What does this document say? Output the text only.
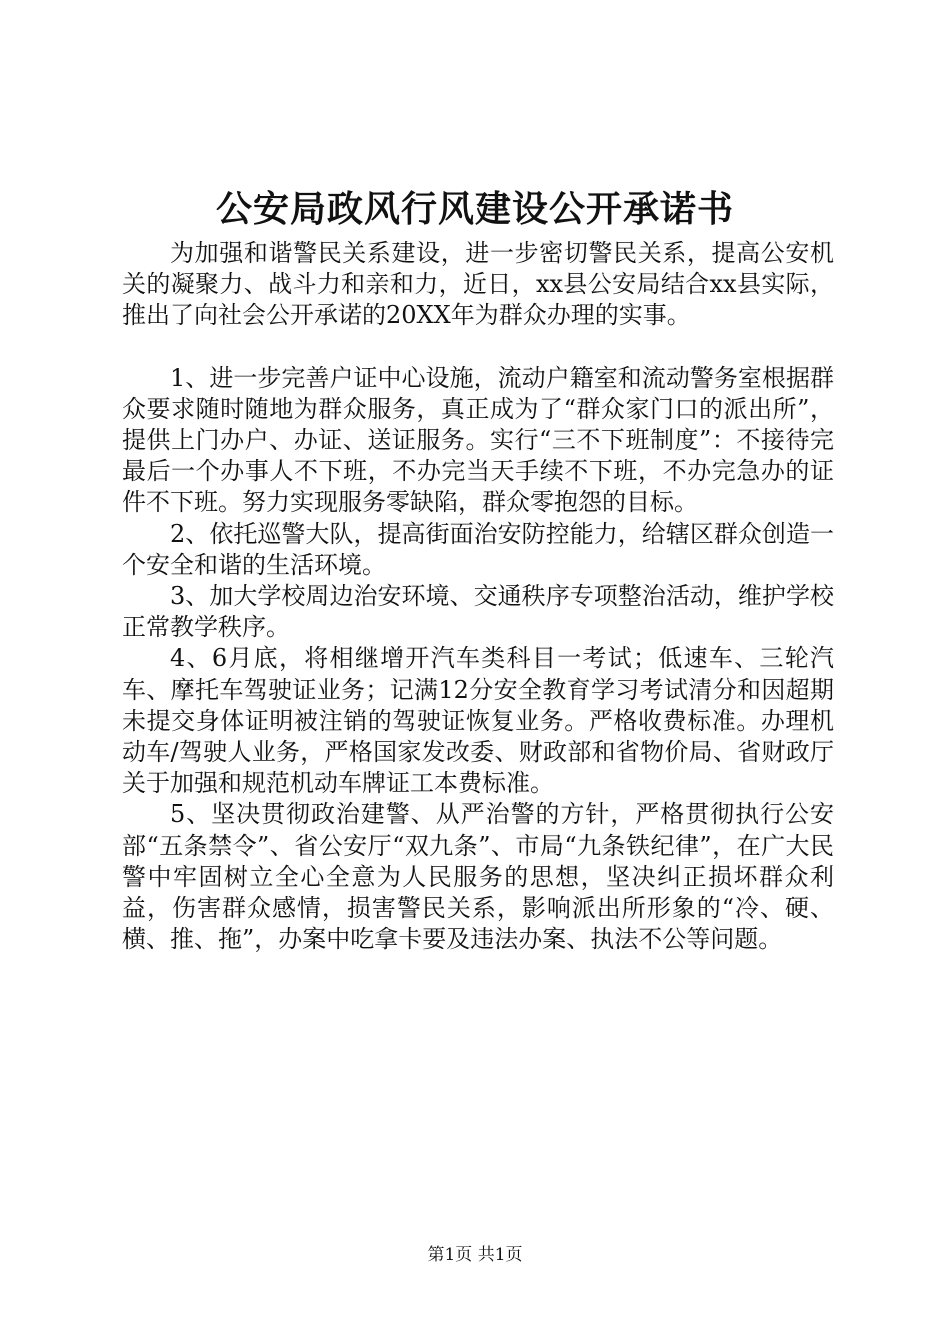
公安局政风行风建设公开承诺书

为加强和谐警民关系建设，进一步密切警民关系，提高公安机关的凝聚力、战斗力和亲和力，近日，xx县公安局结合xx县实际，推出了向社会公开承诺的20XX年为群众办理的实事。

1、进一步完善户证中心设施，流动户籍室和流动警务室根据群众要求随时随地为群众服务，真正成为了“群众家门口的派出所”，提供上门办户、办证、送证服务。实行“三不下班制度”：不接待完最后一个办事人不下班，不办完当天手续不下班，不办完急办的证件不下班。努力实现服务零缺陷，群众零抱怨的目标。

2、依托巡警大队，提高街面治安防控能力，给辖区群众创造一个安全和谐的生活环境。

3、加大学校周边治安环境、交通秩序专项整治活动，维护学校正常教学秩序。

4、6月底，将相继增开汽车类科目一考试；低速车、三轮汽车、摩托车驾驶证业务；记满12分安全教育学习考试清分和因超期未提交身体证明被注销的驾驶证恢复业务。严格收费标准。办理机动车/驾驶人业务，严格国家发改委、财政部和省物价局、省财政厅关于加强和规范机动车牌证工本费标准。

5、坚决贯彻政治建警、从严治警的方针，严格贯彻执行公安部“五条禁令”、省公安厅“双九条”、市局“九条铁纪律”，在广大民警中牢固树立全心全意为人民服务的思想，坚决纠正损坏群众利益，伤害群众感情，损害警民关系，影响派出所形象的“冷、硬、横、推、拖”，办案中吃拿卡要及违法办案、执法不公等问题。

第1页 共1页
